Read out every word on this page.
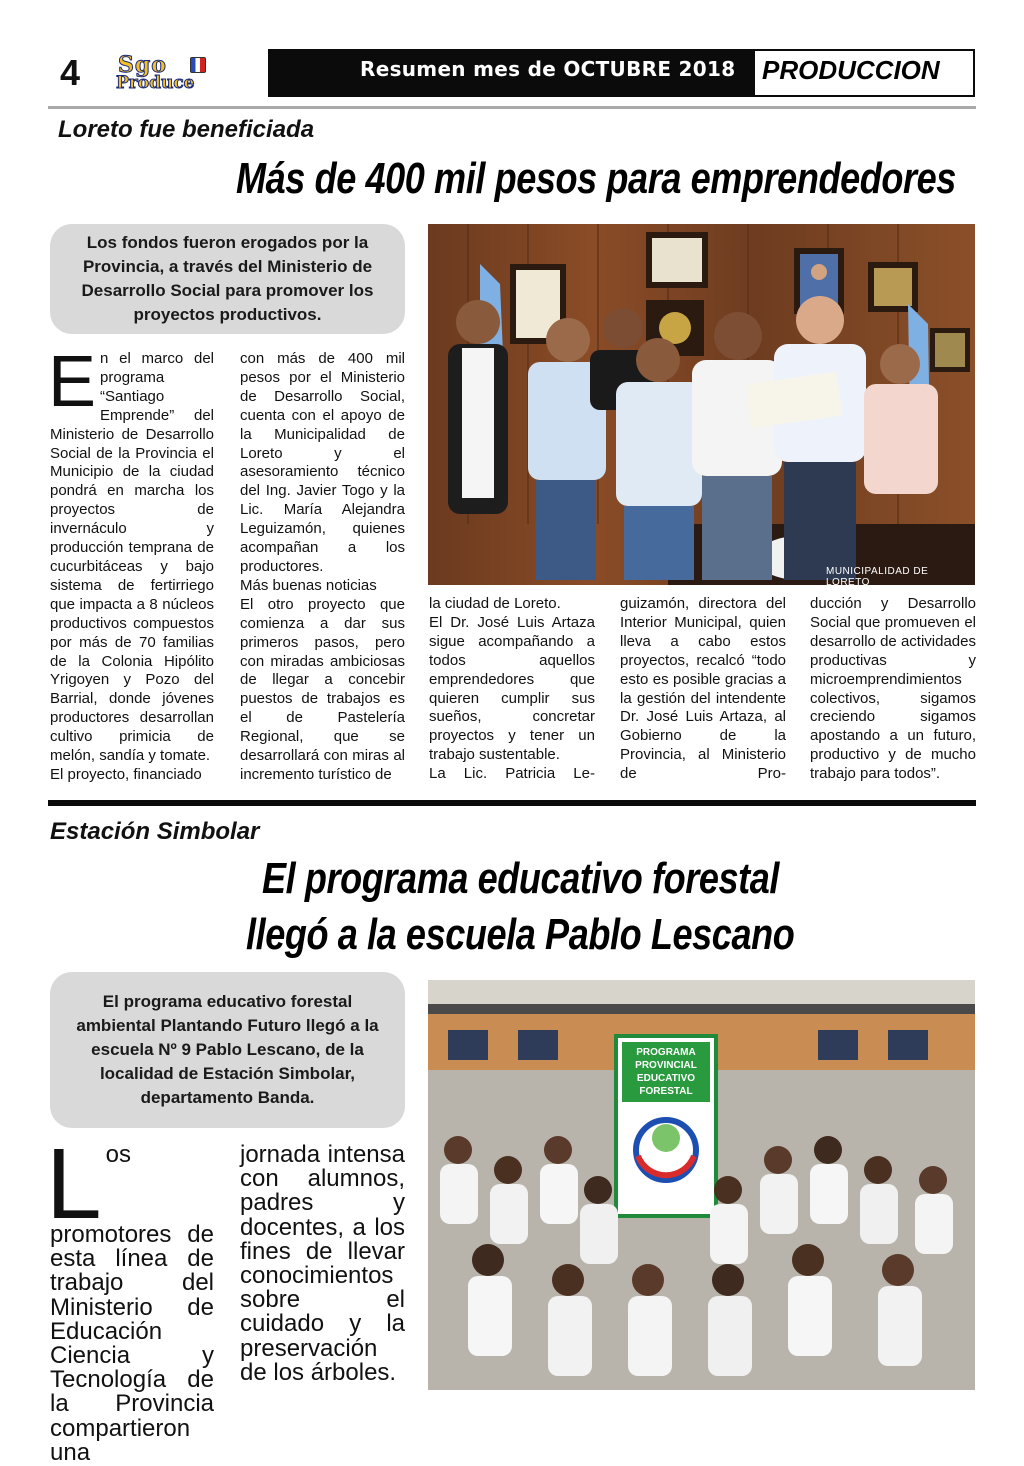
4 Sgo
Produce
Resumen mes de OCTUBRE 2018 PRODUCCION
Loreto fue beneficiada
Más de 400 mil pesos para emprendedores
Los fondos fueron erogados por la Provincia, a través del Ministerio de Desarrollo Social para promover los proyectos productivos.
MUNICIPALIDAD DE LORETO

En el marco del programa “Santiago Emprende” del Ministerio de Desarrollo Social de la Provincia el Municipio de la ciudad pondrá en marcha los proyectos de invernáculo y producción temprana de cucurbitáceas y bajo sistema de fertirriego que impacta a 8 núcleos productivos compuestos por más de 70 familias de la Colonia Hipólito Yrigoyen y Pozo del Barrial, donde jóvenes productores desarrollan cultivo primicia de melón, sandía y tomate.

El proyecto, financiado

con más de 400 mil pesos por el Ministerio de Desarrollo Social, cuenta con el apoyo de la Municipalidad de Loreto y el asesoramiento técnico del Ing. Javier Togo y la Lic. María Alejandra Leguizamón, quienes acompañan a los productores.

Más buenas noticias

El otro proyecto que comienza a dar sus primeros pasos, pero con miradas ambiciosas de llegar a concebir puestos de trabajos es el de Pastelería Regional, que se desarrollará con miras al incremento turístico de

la ciudad de Loreto.

El Dr. José Luis Artaza sigue acompañando a todos aquellos emprendedores que quieren cumplir sus sueños, concretar proyectos y tener un trabajo sustentable.

La Lic. Patricia Le-

guizamón, directora del Interior Municipal, quien lleva a cabo estos proyectos, recalcó “todo esto es posible gracias a la gestión del intendente Dr. José Luis Artaza, al Gobierno de la Provincia, al Ministerio de Pro-

ducción y Desarrollo Social que promueven el desarrollo de actividades productivas y microemprendimientos colectivos, sigamos creciendo sigamos apostando a un futuro, productivo y de mucho trabajo para todos”.

Estación Simbolar
El programa educativo forestal
llegó a la escuela Pablo Lescano
El programa educativo forestal ambiental Plantando Futuro llegó a la escuela Nº 9 Pablo Lescano, de la localidad de Estación Simbolar, departamento Banda.
PROGRAMA
PROVINCIAL
EDUCATIVO
FORESTAL

Los promotores de esta línea de trabajo del Ministerio de Educación Ciencia y Tecnología de la Provincia compartieron una

jornada intensa con alumnos, padres y docentes, a los fines de llevar conocimientos sobre el cuidado y la preservación de los árboles.
